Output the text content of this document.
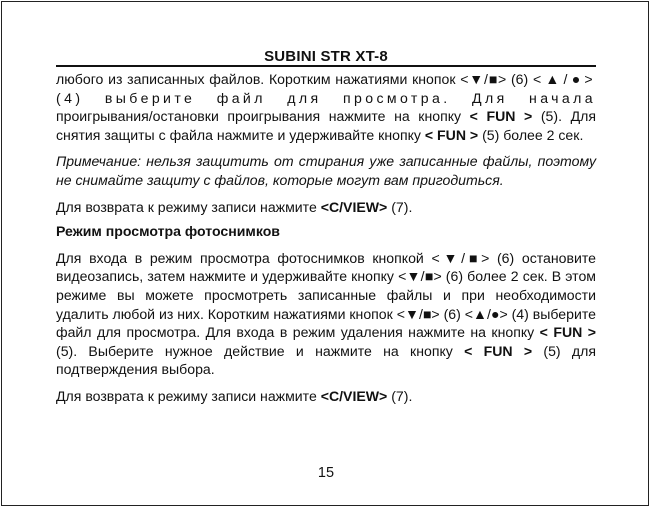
SUBINI STR XT-8

любого из записанных файлов. Коротким нажатиями кнопок <▼/■> (6) <▲/●> (4) выберите файл для просмотра. Для начала проигрывания/остановки проигрывания нажмите на кнопку < FUN > (5). Для снятия защиты с файла нажмите и удерживайте кнопку < FUN > (5) более 2 сек.

Примечание: нельзя защитить от стирания уже записанные файлы, поэтому не снимайте защиту с файлов, которые могут вам пригодиться.

Для возврата к режиму записи нажмите <C/VIEW> (7).

Режим просмотра фотоснимков

Для входа в режим просмотра фотоснимков кнопкой <▼/■> (6) остановите видеозапись, затем нажмите и удерживайте кнопку <▼/■> (6) более 2 сек. В этом режиме вы можете просмотреть записанные файлы и при необходимости удалить любой из них. Коротким нажатиями кнопок <▼/■> (6) <▲/●> (4) выберите файл для просмотра. Для входа в режим удаления нажмите на кнопку < FUN > (5). Выберите нужное действие и нажмите на кнопку < FUN > (5) для подтверждения выбора.

Для возврата к режиму записи нажмите <C/VIEW> (7).

15
